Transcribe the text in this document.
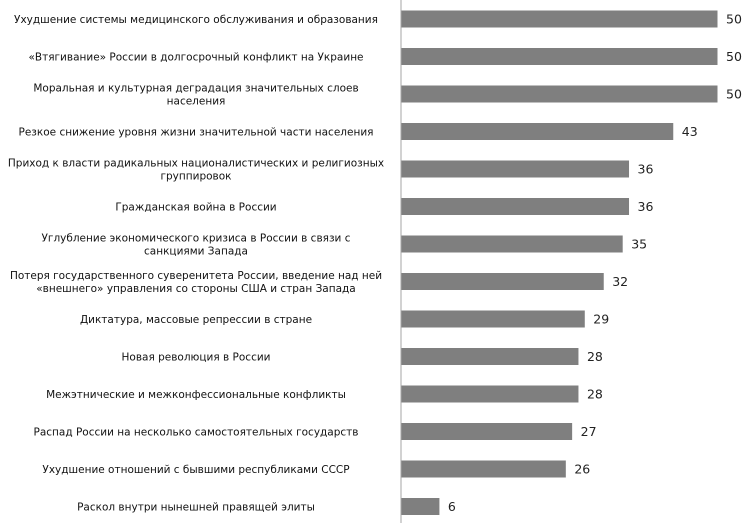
50
Ухудшение системы медицинского обслуживания и образования
50
«Втягивание» России в долгосрочный конфликт на Украине
50
Моральная и культурная деградация значительных слоев населения
43
Резкое снижение уровня жизни значительной части населения
36
Приход к власти радикальных националистических и религиозных группировок
36
Гражданская война в России
35
Углубление экономического кризиса в России в связи с санкциями Запада
32
Потеря государственного суверенитета России, введение над ней «внешнего» управления со стороны США и стран Запада
29
Диктатура, массовые репрессии в стране
28
Новая революция в России
28
Межэтнические и межконфессиональные конфликты
27
Распад России на несколько самостоятельных государств
26
Ухудшение отношений с бывшими республиками СССР
6
Раскол внутри нынешней правящей элиты
